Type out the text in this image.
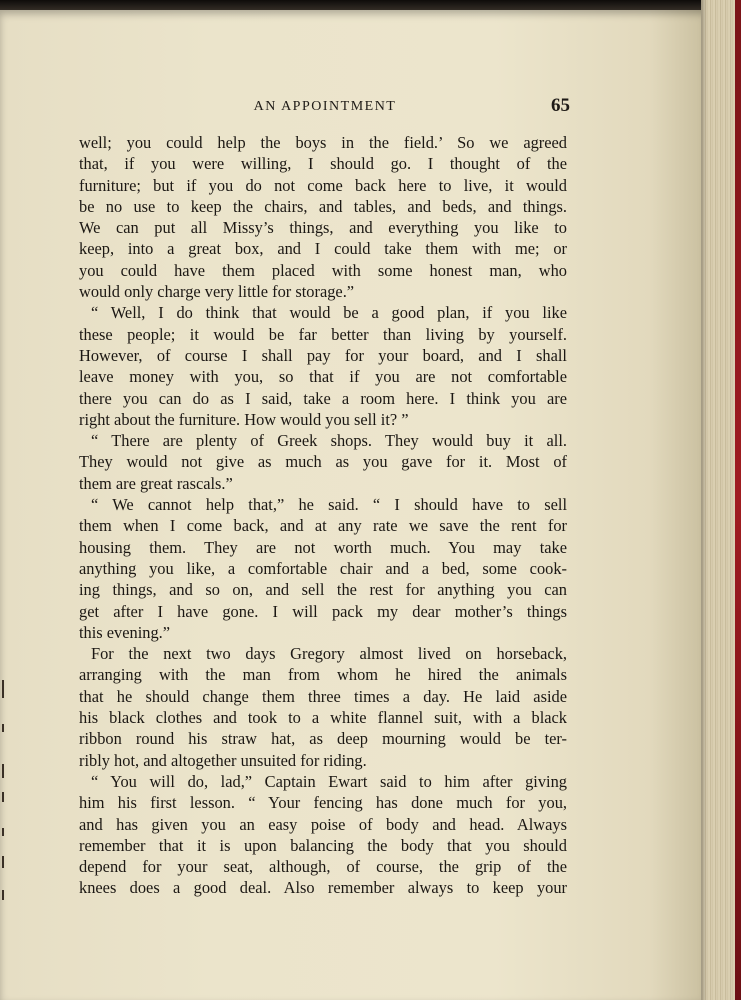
AN APPOINTMENT	65
well; you could help the boys in the field.’ So we agreed
that, if you were willing, I should go. I thought of the
furniture; but if you do not come back here to live, it would
be no use to keep the chairs, and tables, and beds, and things.
We can put all Missy’s things, and everything you like to
keep, into a great box, and I could take them with me; or
you could have them placed with some honest man, who
would only charge very little for storage.”
“ Well, I do think that would be a good plan, if you like
these people; it would be far better than living by yourself.
However, of course I shall pay for your board, and I shall
leave money with you, so that if you are not comfortable
there you can do as I said, take a room here. I think you are
right about the furniture. How would you sell it? ”
“ There are plenty of Greek shops. They would buy it all.
They would not give as much as you gave for it. Most of
them are great rascals.”
“ We cannot help that,” he said. “ I should have to sell
them when I come back, and at any rate we save the rent for
housing them. They are not worth much. You may take
anything you like, a comfortable chair and a bed, some cook-
ing things, and so on, and sell the rest for anything you can
get after I have gone. I will pack my dear mother’s things
this evening.”
For the next two days Gregory almost lived on horseback,
arranging with the man from whom he hired the animals
that he should change them three times a day. He laid aside
his black clothes and took to a white flannel suit, with a black
ribbon round his straw hat, as deep mourning would be ter-
ribly hot, and altogether unsuited for riding.
“ You will do, lad,” Captain Ewart said to him after giving
him his first lesson. “ Your fencing has done much for you,
and has given you an easy poise of body and head. Always
remember that it is upon balancing the body that you should
depend for your seat, although, of course, the grip of the
knees does a good deal. Also remember always to keep your
